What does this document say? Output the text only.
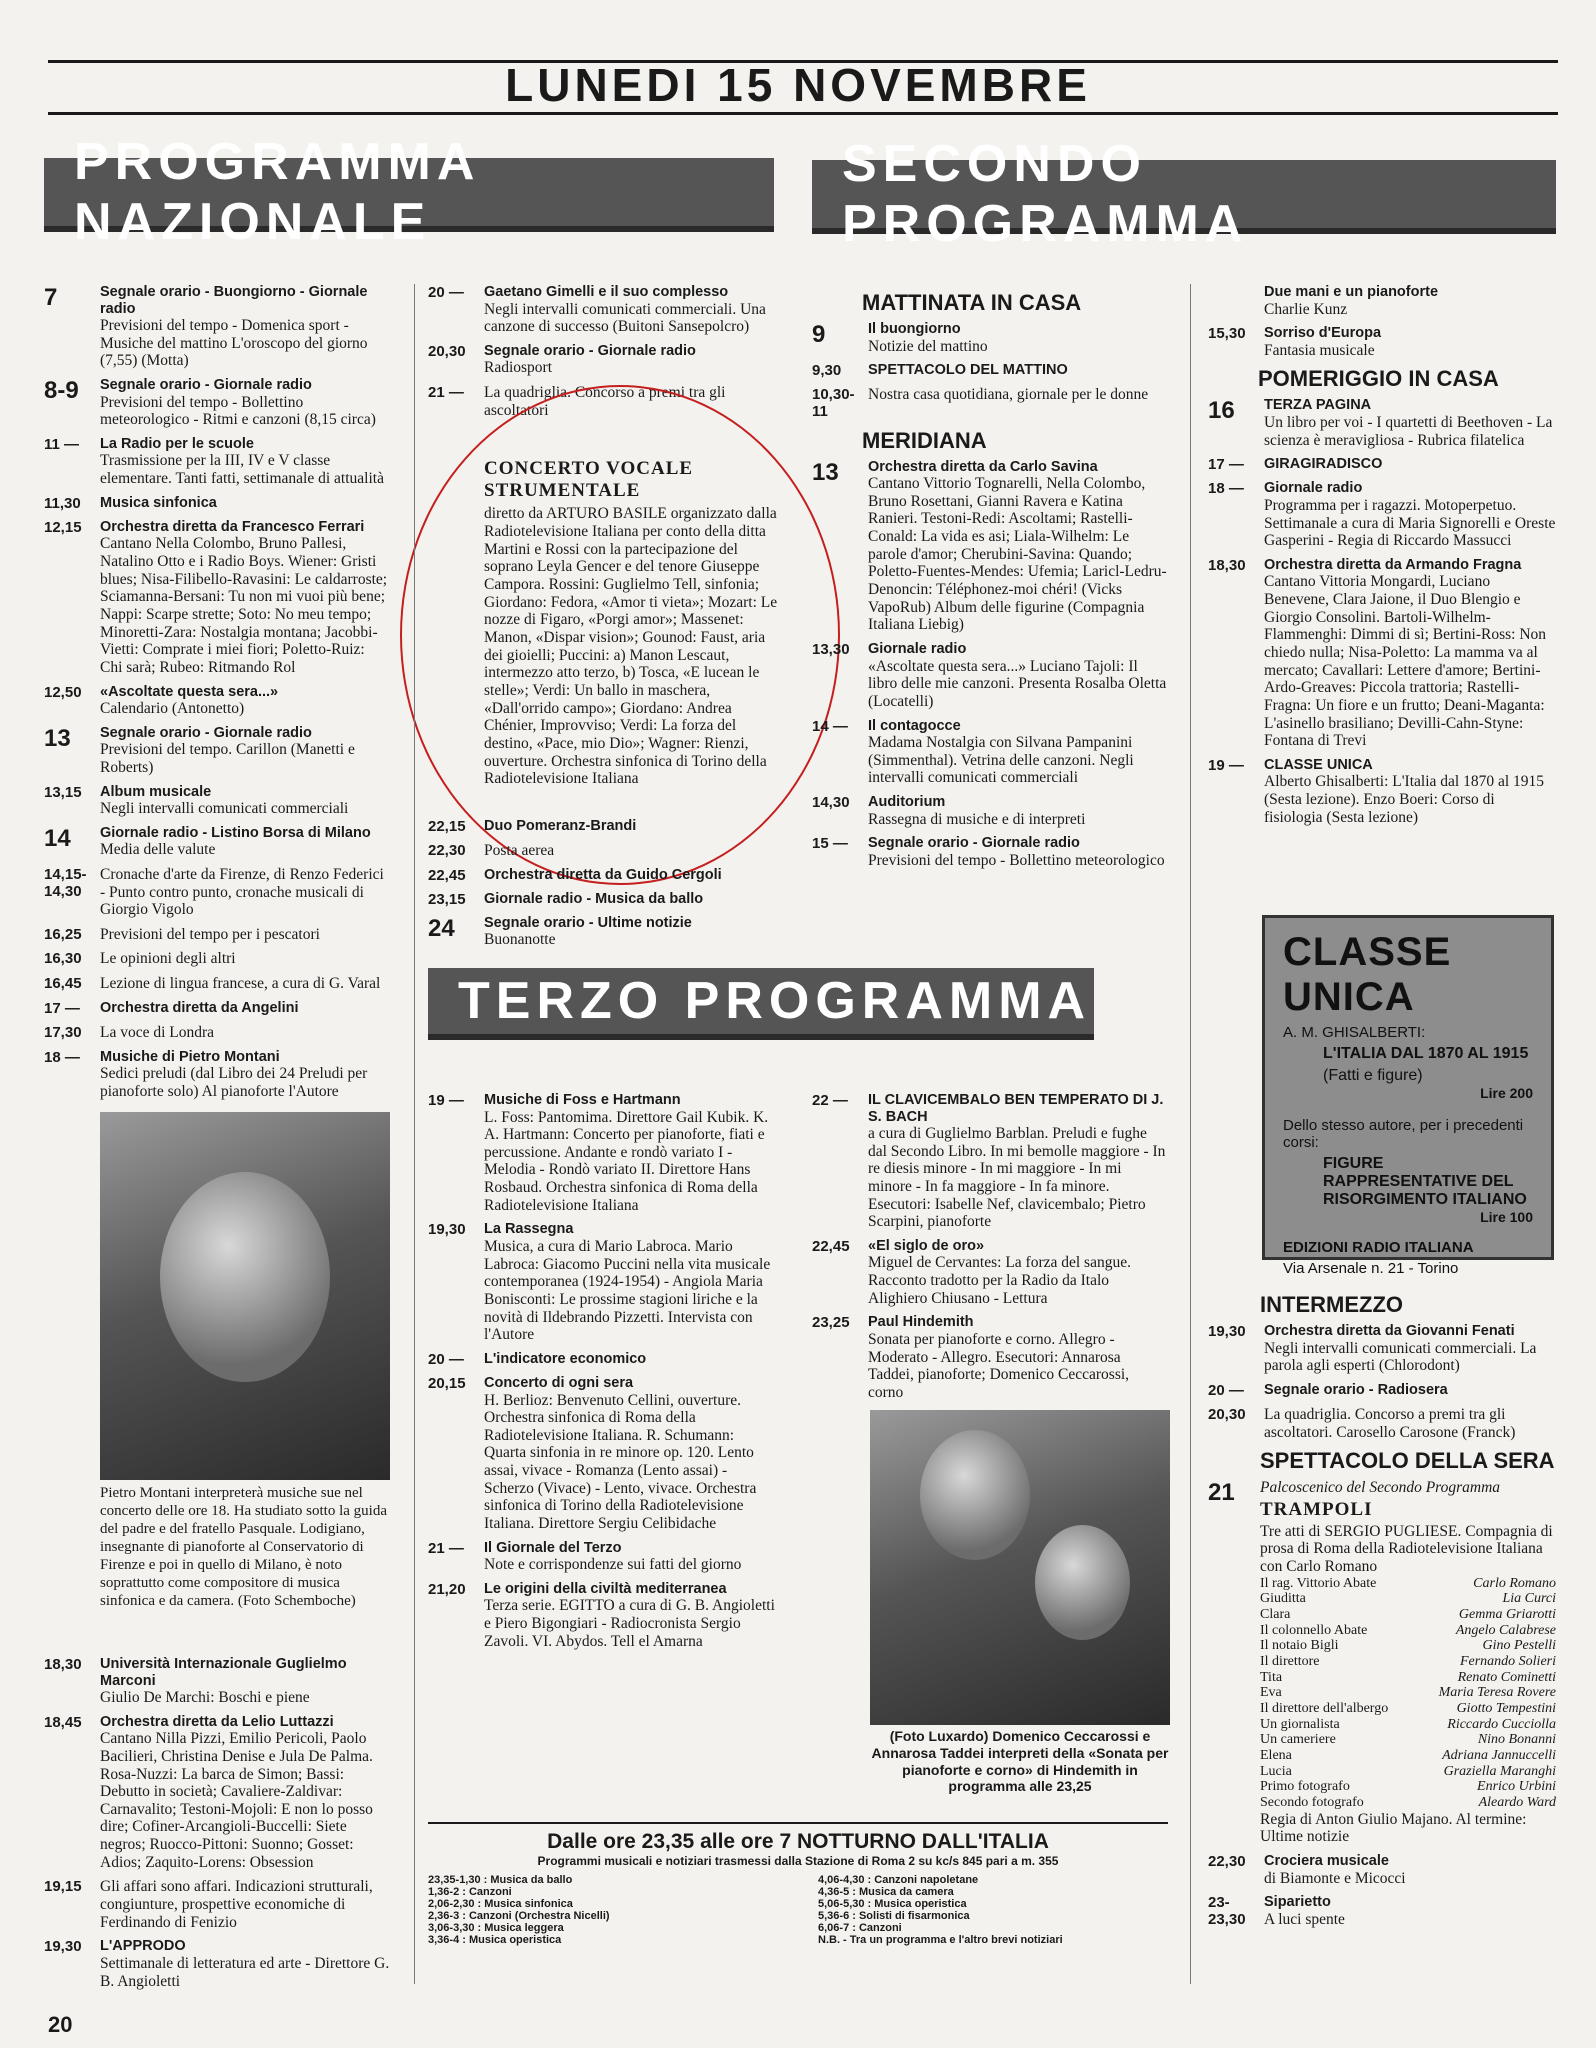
LUNEDI 15 NOVEMBRE
PROGRAMMA NAZIONALE
SECONDO PROGRAMMA
TERZO PROGRAMMA
7	Segnale orario - Buongiorno - Giornale radio
Previsioni del tempo - Domenica sport - Musiche del mattino L'oroscopo del giorno (7,55) (Motta)
8-9	Segnale orario - Giornale radio
Previsioni del tempo - Bollettino meteorologico - Ritmi e canzoni (8,15 circa)
11 —	La Radio per le scuole
Trasmissione per la III, IV e V classe elementare. Tanti fatti, settimanale di attualità
11,30	Musica sinfonica
12,15	Orchestra diretta da Francesco Ferrari
Cantano Nella Colombo, Bruno Pallesi, Natalino Otto e i Radio Boys. Wiener: Gristi blues; Nisa-Filibello-Ravasini: Le caldarroste; Sciamanna-Bersani: Tu non mi vuoi più bene; Nappi: Scarpe strette; Soto: No meu tempo; Minoretti-Zara: Nostalgia montana; Jacobbi-Vietti: Comprate i miei fiori; Poletto-Ruiz: Chi sarà; Rubeo: Ritmando Rol
12,50	«Ascoltate questa sera...»
Calendario (Antonetto)
13	Segnale orario - Giornale radio
Previsioni del tempo. Carillon (Manetti e Roberts)
13,15	Album musicale
Negli intervalli comunicati commerciali
14	Giornale radio - Listino Borsa di Milano
Media delle valute
14,15-14,30
Cronache d'arte da Firenze, di Renzo Federici - Punto contro punto, cronache musicali di Giorgio Vigolo
16,25	Previsioni del tempo per i pescatori
16,30	Le opinioni degli altri
16,45	Lezione di lingua francese, a cura di G. Varal
17 —	Orchestra diretta da Angelini
17,30	La voce di Londra
18 —	Musiche di Pietro Montani
Sedici preludi (dal Libro dei 24 Preludi per pianoforte solo) Al pianoforte l'Autore
Pietro Montani interpreterà musiche sue nel concerto delle ore 18. Ha studiato sotto la guida del padre e del fratello Pasquale. Lodigiano, insegnante di pianoforte al Conservatorio di Firenze e poi in quello di Milano, è noto soprattutto come compositore di musica sinfonica e da camera. (Foto Schemboche)
18,30	Università Internazionale Guglielmo Marconi
Giulio De Marchi: Boschi e piene
18,45	Orchestra diretta da Lelio Luttazzi
Cantano Nilla Pizzi, Emilio Pericoli, Paolo Bacilieri, Christina Denise e Jula De Palma. Rosa-Nuzzi: La barca de Simon; Bassi: Debutto in società; Cavaliere-Zaldivar: Carnavalito; Testoni-Mojoli: E non lo posso dire; Cofiner-Arcangioli-Buccelli: Siete negros; Ruocco-Pittoni: Suonno; Gosset: Adios; Zaquito-Lorens: Obsession
19,15	Gli affari sono affari. Indicazioni strutturali, congiunture, prospettive economiche di Ferdinando di Fenizio
19,30	L'APPRODO
Settimanale di letteratura ed arte - Direttore G. B. Angioletti
20 —	Gaetano Gimelli e il suo complesso
Negli intervalli comunicati commerciali. Una canzone di successo (Buitoni Sansepolcro)
20,30	Segnale orario - Giornale radio
Radiosport
21 —	La quadriglia. Concorso a premi tra gli ascoltatori
CONCERTO VOCALE STRUMENTALE
diretto da ARTURO BASILE organizzato dalla Radiotelevisione Italiana per conto della ditta Martini e Rossi con la partecipazione del soprano Leyla Gencer e del tenore Giuseppe Campora. Rossini: Guglielmo Tell, sinfonia; Giordano: Fedora, «Amor ti vieta»; Mozart: Le nozze di Figaro, «Porgi amor»; Massenet: Manon, «Dispar vision»; Gounod: Faust, aria dei gioielli; Puccini: a) Manon Lescaut, intermezzo atto terzo, b) Tosca, «E lucean le stelle»; Verdi: Un ballo in maschera, «Dall'orrido campo»; Giordano: Andrea Chénier, Improvviso; Verdi: La forza del destino, «Pace, mio Dio»; Wagner: Rienzi, ouverture. Orchestra sinfonica di Torino della Radiotelevisione Italiana
22,15	Duo Pomeranz-Brandi
22,30	Posta aerea
22,45	Orchestra diretta da Guido Cergoli
23,15	Giornale radio - Musica da ballo
24	Segnale orario - Ultime notizie
Buonanotte
MATTINATA IN CASA
9	Il buongiorno
Notizie del mattino
9,30	SPETTACOLO DEL MATTINO
10,30-11
Nostra casa quotidiana, giornale per le donne
MERIDIANA
13	Orchestra diretta da Carlo Savina
Cantano Vittorio Tognarelli, Nella Colombo, Bruno Rosettani, Gianni Ravera e Katina Ranieri. Testoni-Redi: Ascoltami; Rastelli-Conald: La vida es asi; Liala-Wilhelm: Le parole d'amor; Cherubini-Savina: Quando; Poletto-Fuentes-Mendes: Ufemia; Laricl-Ledru-Denoncin: Téléphonez-moi chéri! (Vicks VapoRub) Album delle figurine (Compagnia Italiana Liebig)
13,30	Giornale radio
«Ascoltate questa sera...» Luciano Tajoli: Il libro delle mie canzoni. Presenta Rosalba Oletta (Locatelli)
14 —	Il contagocce
Madama Nostalgia con Silvana Pampanini (Simmenthal). Vetrina delle canzoni. Negli intervalli comunicati commerciali
14,30	Auditorium
Rassegna di musiche e di interpreti
15 —	Segnale orario - Giornale radio
Previsioni del tempo - Bollettino meteorologico
Due mani e un pianoforte
Charlie Kunz
15,30	Sorriso d'Europa
Fantasia musicale
POMERIGGIO IN CASA
16	TERZA PAGINA
Un libro per voi - I quartetti di Beethoven - La scienza è meravigliosa - Rubrica filatelica
17 —	GIRAGIRADISCO
18 —	Giornale radio
Programma per i ragazzi. Motoperpetuo. Settimanale a cura di Maria Signorelli e Oreste Gasperini - Regia di Riccardo Massucci
18,30	Orchestra diretta da Armando Fragna
Cantano Vittoria Mongardi, Luciano Benevene, Clara Jaione, il Duo Blengio e Giorgio Consolini. Bartoli-Wilhelm-Flammenghi: Dimmi di sì; Bertini-Ross: Non chiedo nulla; Nisa-Poletto: La mamma va al mercato; Cavallari: Lettere d'amore; Bertini-Ardo-Greaves: Piccola trattoria; Rastelli-Fragna: Un fiore e un frutto; Deani-Maganta: L'asinello brasiliano; Devilli-Cahn-Styne: Fontana di Trevi
19 —	CLASSE UNICA
Alberto Ghisalberti: L'Italia dal 1870 al 1915 (Sesta lezione). Enzo Boeri: Corso di fisiologia (Sesta lezione)
CLASSE UNICA
A. M. GHISALBERTI:
L'ITALIA DAL 1870 AL 1915
(Fatti e figure)
Lire 200
Dello stesso autore, per i precedenti corsi:
FIGURE RAPPRESENTATIVE DEL RISORGIMENTO ITALIANO
Lire 100
EDIZIONI RADIO ITALIANA
Via Arsenale n. 21 - Torino
INTERMEZZO
19,30	Orchestra diretta da Giovanni Fenati
Negli intervalli comunicati commerciali. La parola agli esperti (Chlorodont)
20 —	Segnale orario - Radiosera
20,30	La quadriglia. Concorso a premi tra gli ascoltatori. Carosello Carosone (Franck)
SPETTACOLO DELLA SERA
21	Palcoscenico del Secondo Programma
TRAMPOLI
Tre atti di SERGIO PUGLIESE. Compagnia di prosa di Roma della Radiotelevisione Italiana con Carlo Romano
Il rag. Vittorio Abate	Carlo Romano
Giuditta	Lia Curci
Clara	Gemma Griarotti
Il colonnello Abate	Angelo Calabrese
Il notaio Bigli	Gino Pestelli
Il direttore	Fernando Solieri
Tita	Renato Cominetti
Eva	Maria Teresa Rovere
Il direttore dell'albergo	Giotto Tempestini
Un giornalista	Riccardo Cucciolla
Un cameriere	Nino Bonanni
Elena	Adriana Jannuccelli
Lucia	Graziella Maranghi
Primo fotografo	Enrico Urbini
Secondo fotografo	Aleardo Ward
Regia di Anton Giulio Majano. Al termine: Ultime notizie
22,30	Crociera musicale
di Biamonte e Micocci
23-23,30
Siparietto
A luci spente
19 —	Musiche di Foss e Hartmann
L. Foss: Pantomima. Direttore Gail Kubik. K. A. Hartmann: Concerto per pianoforte, fiati e percussione. Andante e rondò variato I - Melodia - Rondò variato II. Direttore Hans Rosbaud. Orchestra sinfonica di Roma della Radiotelevisione Italiana
19,30	La Rassegna
Musica, a cura di Mario Labroca. Mario Labroca: Giacomo Puccini nella vita musicale contemporanea (1924-1954) - Angiola Maria Bonisconti: Le prossime stagioni liriche e la novità di Ildebrando Pizzetti. Intervista con l'Autore
20 —	L'indicatore economico
20,15	Concerto di ogni sera
H. Berlioz: Benvenuto Cellini, ouverture. Orchestra sinfonica di Roma della Radiotelevisione Italiana. R. Schumann: Quarta sinfonia in re minore op. 120. Lento assai, vivace - Romanza (Lento assai) - Scherzo (Vivace) - Lento, vivace. Orchestra sinfonica di Torino della Radiotelevisione Italiana. Direttore Sergiu Celibidache
21 —	Il Giornale del Terzo
Note e corrispondenze sui fatti del giorno
21,20	Le origini della civiltà mediterranea
Terza serie. EGITTO a cura di G. B. Angioletti e Piero Bigongiari - Radiocronista Sergio Zavoli. VI. Abydos. Tell el Amarna
22 —	IL CLAVICEMBALO BEN TEMPERATO DI J. S. BACH
a cura di Guglielmo Barblan. Preludi e fughe dal Secondo Libro. In mi bemolle maggiore - In re diesis minore - In mi maggiore - In mi minore - In fa maggiore - In fa minore. Esecutori: Isabelle Nef, clavicembalo; Pietro Scarpini, pianoforte
22,45	«El siglo de oro»
Miguel de Cervantes: La forza del sangue. Racconto tradotto per la Radio da Italo Alighiero Chiusano - Lettura
23,25	Paul Hindemith
Sonata per pianoforte e corno. Allegro - Moderato - Allegro. Esecutori: Annarosa Taddei, pianoforte; Domenico Ceccarossi, corno
(Foto Luxardo) Domenico Ceccarossi e Annarosa Taddei interpreti della «Sonata per pianoforte e corno» di Hindemith in programma alle 23,25
Dalle ore 23,35 alle ore 7 NOTTURNO DALL'ITALIA
Programmi musicali e notiziari trasmessi dalla Stazione di Roma 2 su kc/s 845 pari a m. 355
23,35-1,30 : Musica da ballo
1,36-2 : Canzoni
2,06-2,30 : Musica sinfonica
2,36-3 : Canzoni (Orchestra Nicelli)
3,06-3,30 : Musica leggera
3,36-4 : Musica operistica
4,06-4,30 : Canzoni napoletane
4,36-5 : Musica da camera
5,06-5,30 : Musica operistica
5,36-6 : Solisti di fisarmonica
6,06-7 : Canzoni
N.B. - Tra un programma e l'altro brevi notiziari
20
